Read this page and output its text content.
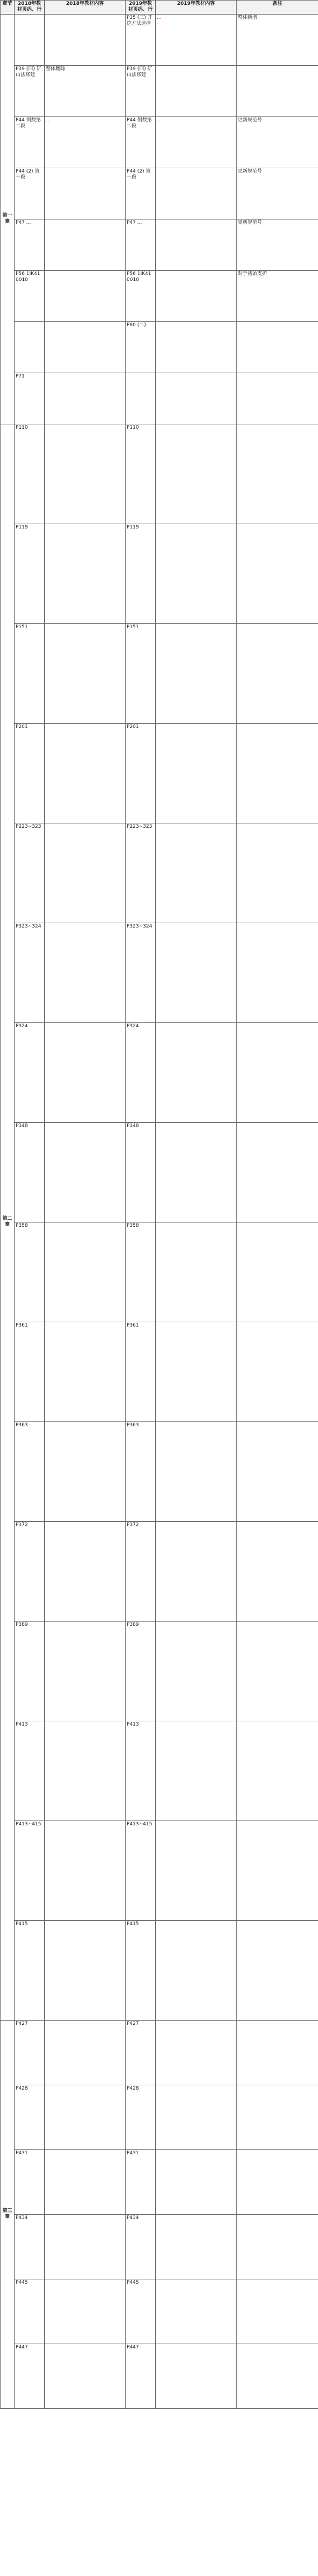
章节	2018年教材页码、行	2018年教材内容	2019年教材页码、行	2019年教材内容	备注
第一章			P35 (三) 开挖方法选择	...	整体新增
	P39 (四) 矿山法修建	整体删除	P39 (四) 矿山法修建		
	P44 倒数第二段	...	P44 倒数第二段	...	更新规范号
	P44 (2) 第一段		P44 (2) 第一段		更新规范号
	P47 ...		P47 ...		更新规范号
	P56 1IK410010		P56 1IK410010		对于初始支护

			P60 (二)		
	P71				

第二章	P110		P110		
	P119		P119		
	P151		P151		
	P201		P201		
	P223~323		P223~323		
	P323~324		P323~324		
	P324		P324		
	P348		P348		
	P358		P358		
	P361		P361		
	P363		P363		
	P372		P372		
	P389		P389		
	P413		P413		
	P413~415		P413~415		
	P415		P415		
第三章	P427		P427		
	P428		P428		
	P431		P431		
	P434		P434		
	P445		P445		
	P447		P447		
